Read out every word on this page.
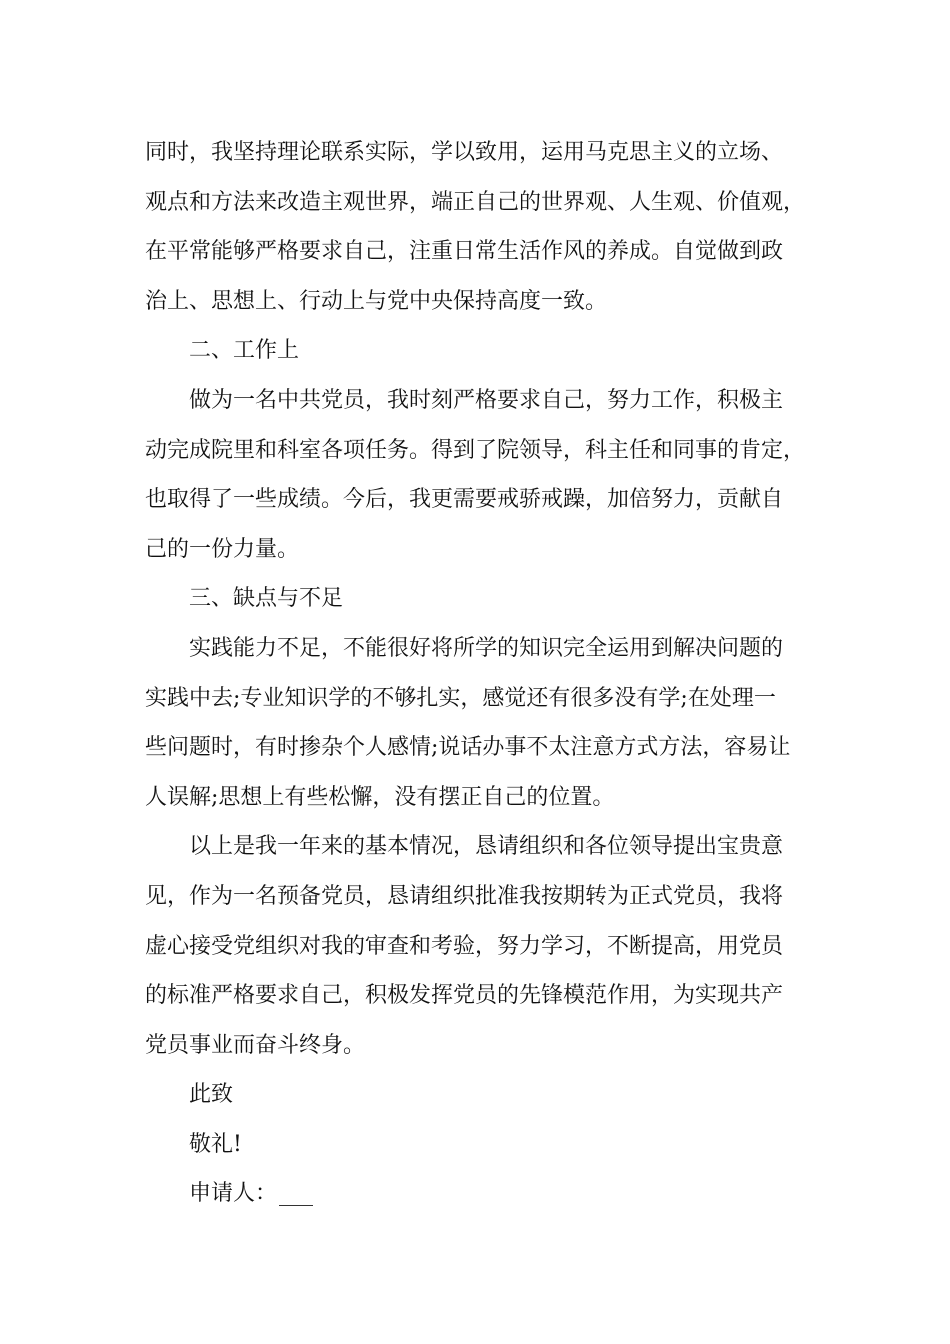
同时，我坚持理论联系实际，学以致用，运用马克思主义的立场、
观点和方法来改造主观世界，端正自己的世界观、人生观、价值观，
在平常能够严格要求自己，注重日常生活作风的养成。自觉做到政
治上、思想上、行动上与党中央保持高度一致。
二、工作上
做为一名中共党员，我时刻严格要求自己，努力工作，积极主
动完成院里和科室各项任务。得到了院领导，科主任和同事的肯定，
也取得了一些成绩。今后，我更需要戒骄戒躁，加倍努力，贡献自
己的一份力量。
三、缺点与不足
实践能力不足，不能很好将所学的知识完全运用到解决问题的
实践中去;专业知识学的不够扎实，感觉还有很多没有学;在处理一
些问题时，有时掺杂个人感情;说话办事不太注意方式方法，容易让
人误解;思想上有些松懈，没有摆正自己的位置。
以上是我一年来的基本情况，恳请组织和各位领导提出宝贵意
见，作为一名预备党员，恳请组织批准我按期转为正式党员，我将
虚心接受党组织对我的审查和考验，努力学习，不断提高，用党员
的标准严格要求自己，积极发挥党员的先锋模范作用，为实现共产
党员事业而奋斗终身。
此致
敬礼!
申请人：
